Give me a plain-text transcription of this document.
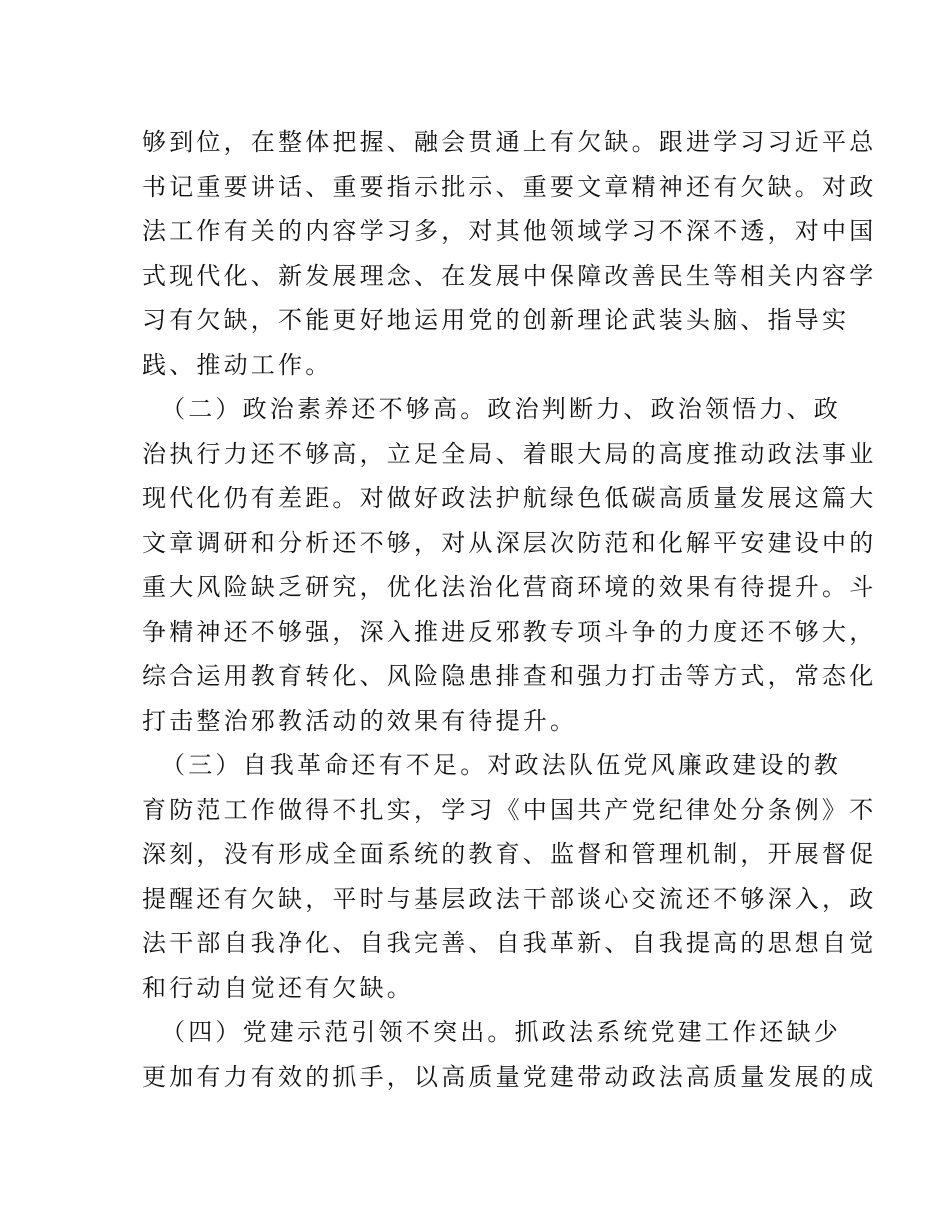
够到位，在整体把握、融会贯通上有欠缺。跟进学习习近平总
书记重要讲话、重要指示批示、重要文章精神还有欠缺。对政
法工作有关的内容学习多，对其他领域学习不深不透，对中国
式现代化、新发展理念、在发展中保障改善民生等相关内容学
习有欠缺，不能更好地运用党的创新理论武装头脑、指导实
践、推动工作。
（二）政治素养还不够高。政治判断力、政治领悟力、政
治执行力还不够高，立足全局、着眼大局的高度推动政法事业
现代化仍有差距。对做好政法护航绿色低碳高质量发展这篇大
文章调研和分析还不够，对从深层次防范和化解平安建设中的
重大风险缺乏研究，优化法治化营商环境的效果有待提升。斗
争精神还不够强，深入推进反邪教专项斗争的力度还不够大，
综合运用教育转化、风险隐患排查和强力打击等方式，常态化
打击整治邪教活动的效果有待提升。
（三）自我革命还有不足。对政法队伍党风廉政建设的教
育防范工作做得不扎实，学习《中国共产党纪律处分条例》不
深刻，没有形成全面系统的教育、监督和管理机制，开展督促
提醒还有欠缺，平时与基层政法干部谈心交流还不够深入，政
法干部自我净化、自我完善、自我革新、自我提高的思想自觉
和行动自觉还有欠缺。
（四）党建示范引领不突出。抓政法系统党建工作还缺少
更加有力有效的抓手，以高质量党建带动政法高质量发展的成
